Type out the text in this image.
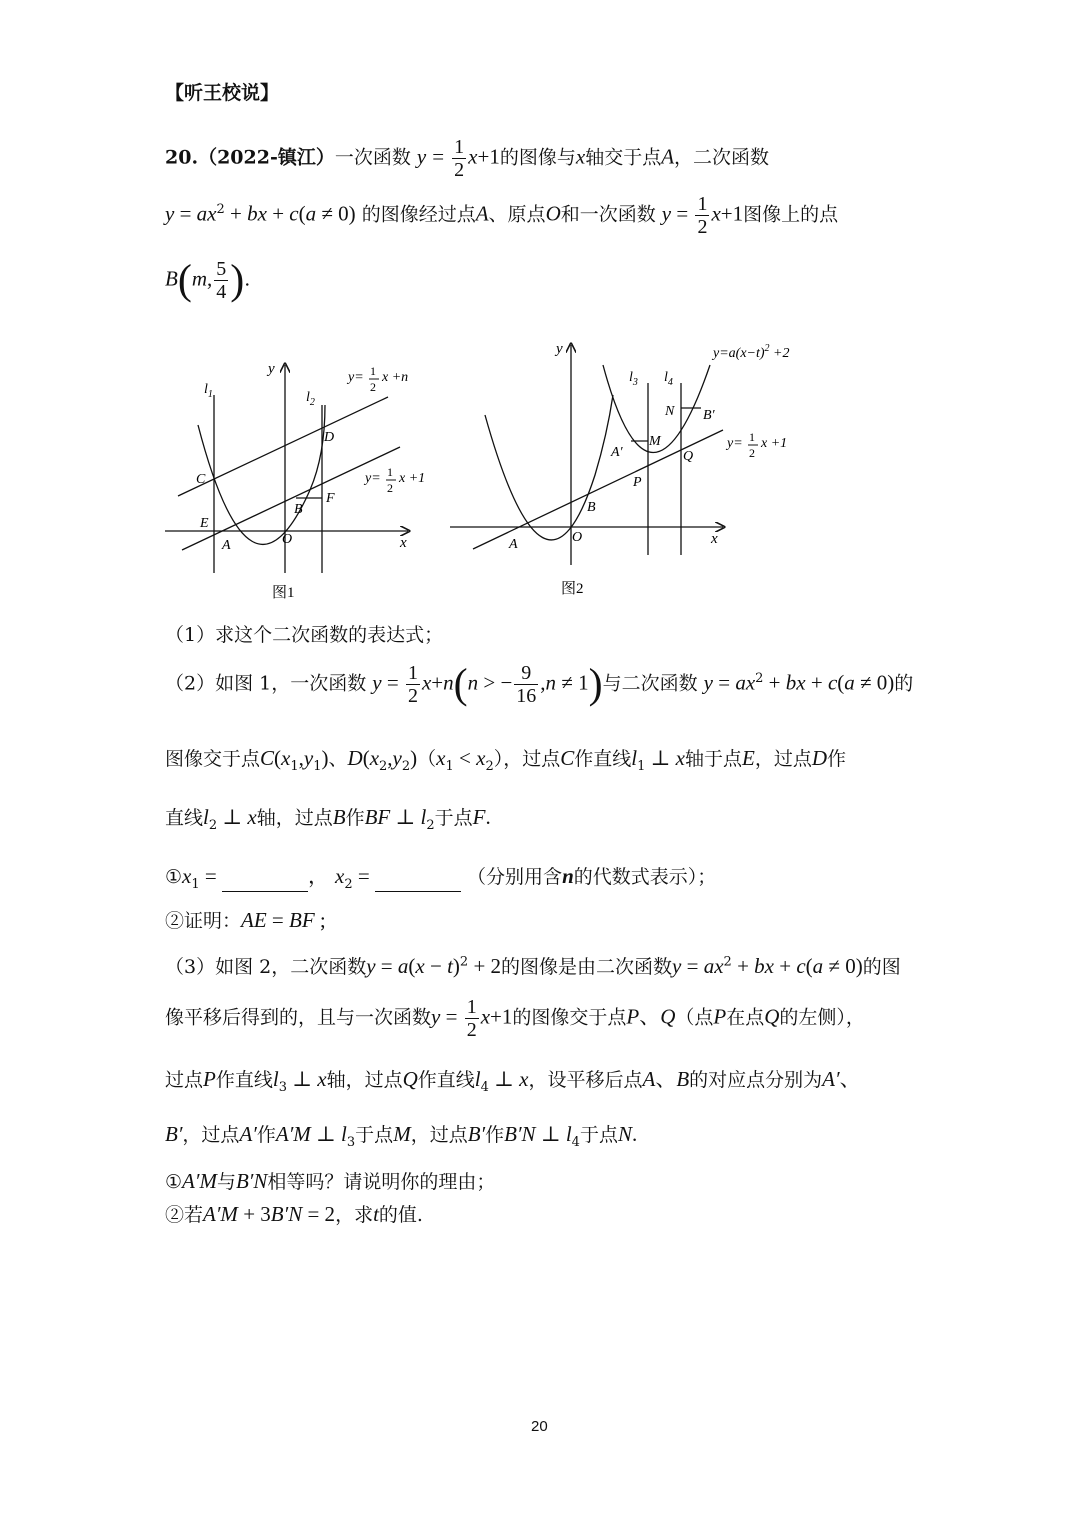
【听王校说】
20.（2022-镇江）一次函数 $y = \frac{1}{2} x+1$的图像与x轴交于点A，二次函数
$y = ax^2$ + bx + c(a ≠ 0) 的图像经过点A、原点O和一次函数 $y = \frac{1}{2} x+1$图像上的点
B(m, $\frac{5}{4}$ ).
x
y
$l_1$	$l_2$
C
E
A	O
B
D
F
y= 1
2
x +n
y= 1
2
x +1
图1
x
y
$l_3$ $l_4$
A	O
B
P
Q
A′
M
N B′
$y=a(x-t)^2 +2$
y= 1
2
x +1
图2
（1）求这个二次函数的表达式；
（2）如图 1，一次函数 $y = \frac{1}{2} x+n(n$ > − $\frac{9}{16} ,n \ne 1$)与二次函数 $y = ax^2$ + bx + c(a ≠ 0)的
图像交于点$C(x_1,y_1)$、$D(x_2,y_2)(x_1 < x_2)$，过点C作直线$l_1$ ⊥ x轴于点E，过点D作
直线$l_2$ ⊥ x轴，过点B作BF ⊥ $l_2$于点F.
$①x_1$ =	， $x_2$ =	（分别用含n的代数式表示）；
②证明：AE = BF ;
（3）如图 2，二次函数$y = a(x - t)^2 + 2$的图像是由二次函数$y = ax^2$ + bx + c(a ≠ 0)的图
像平移后得到的，且与一次函数$y = \frac{1}{2} x+1$的图像交于点P、Q（点P在点Q的左侧），
过点P作直线$l_3$ ⊥ x轴，过点Q作直线$l_4$ ⊥ x，设平移后点A、B的对应点分别为A′、
B′，过点A′作A′M ⊥ $l_3$于点M，过点B′作B′N ⊥ $l_4$于点N.
①A′M与B′N相等吗？请说明你的理由；
②若A′M + 3B′N = 2，求t的值.
20
